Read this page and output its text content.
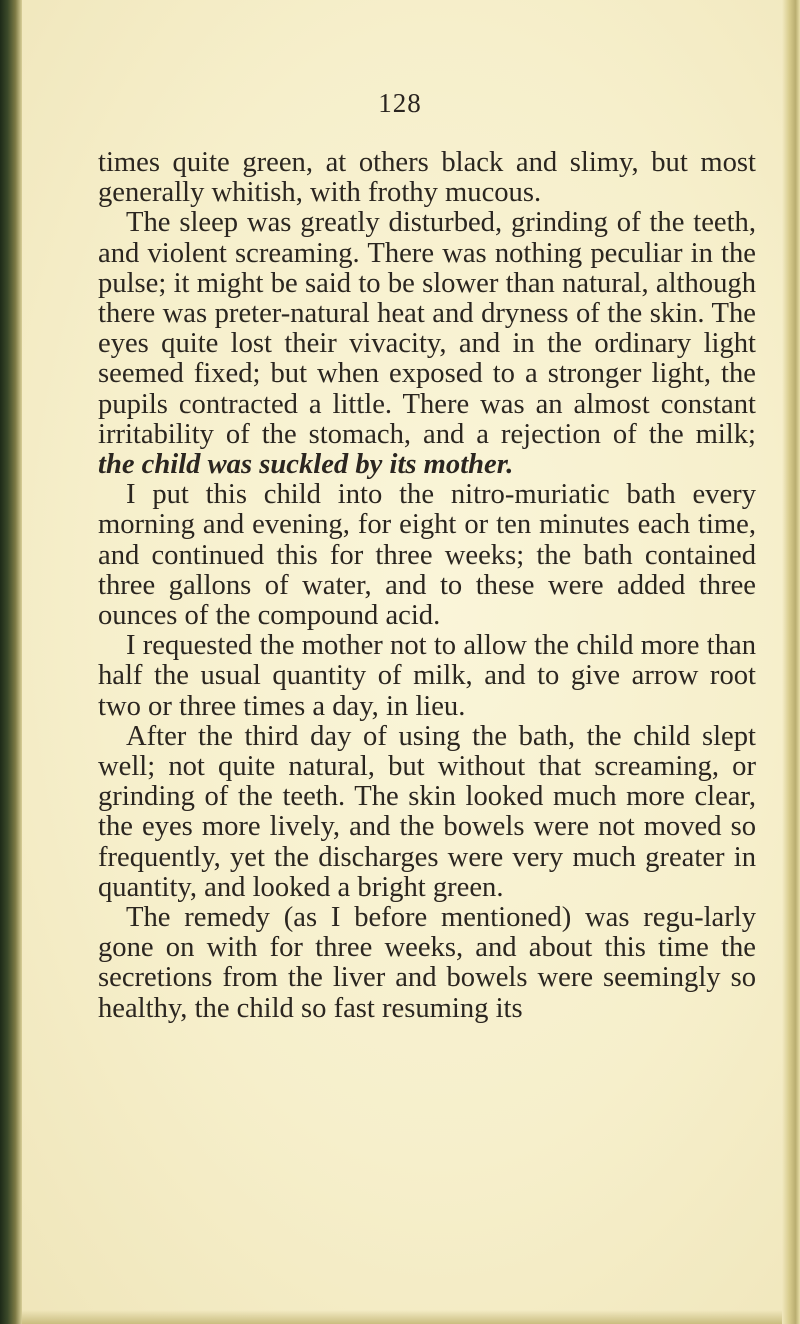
128

times quite green, at others black and slimy, but most generally whitish, with frothy mucous.

The sleep was greatly disturbed, grinding of the teeth, and violent screaming. There was nothing peculiar in the pulse; it might be said to be slower than natural, although there was preter-natural heat and dryness of the skin. The eyes quite lost their vivacity, and in the ordinary light seemed fixed; but when exposed to a stronger light, the pupils contracted a little. There was an almost constant irritability of the stomach, and a rejection of the milk; the child was suckled by its mother.

I put this child into the nitro-muriatic bath every morning and evening, for eight or ten minutes each time, and continued this for three weeks; the bath contained three gallons of water, and to these were added three ounces of the compound acid.

I requested the mother not to allow the child more than half the usual quantity of milk, and to give arrow root two or three times a day, in lieu.

After the third day of using the bath, the child slept well; not quite natural, but without that screaming, or grinding of the teeth. The skin looked much more clear, the eyes more lively, and the bowels were not moved so frequently, yet the discharges were very much greater in quantity, and looked a bright green.

The remedy (as I before mentioned) was regu-larly gone on with for three weeks, and about this time the secretions from the liver and bowels were seemingly so healthy, the child so fast resuming its
